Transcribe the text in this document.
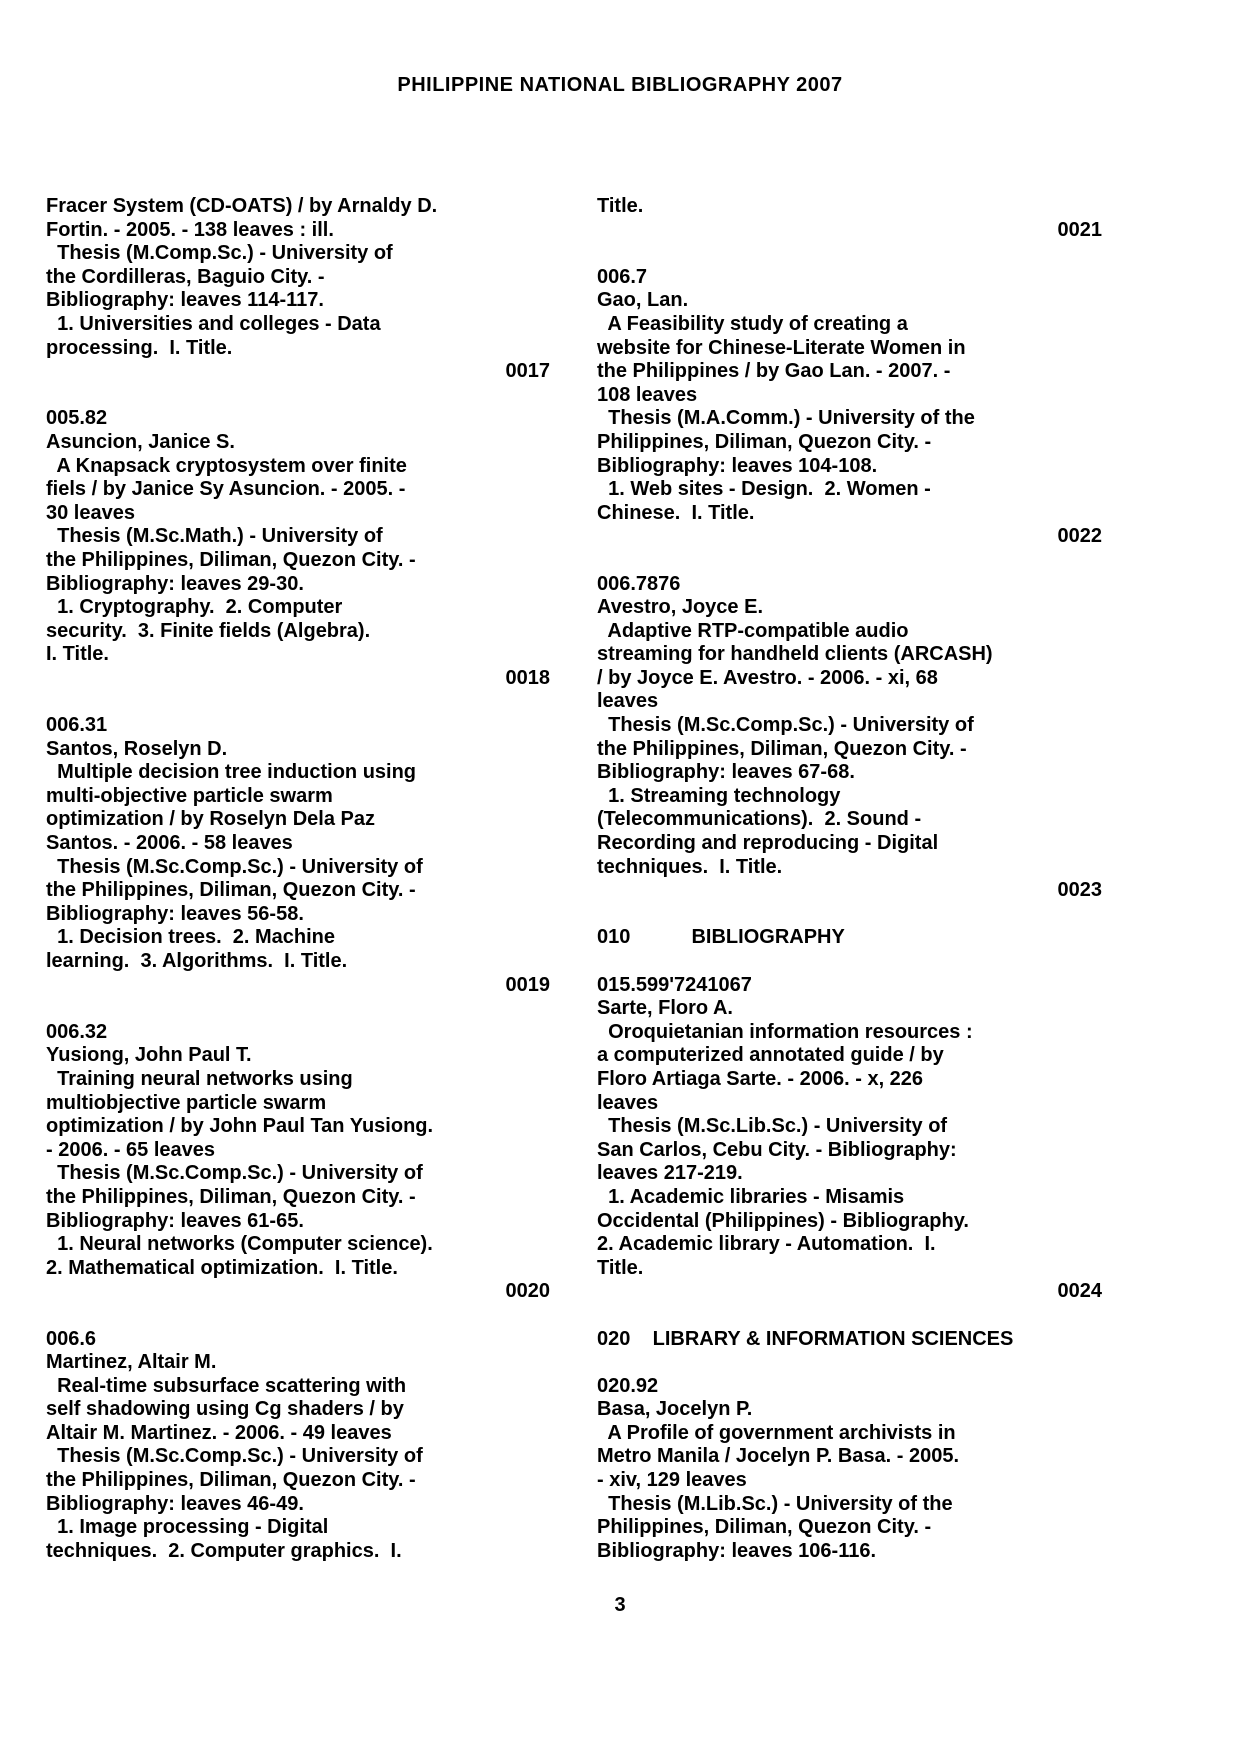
PHILIPPINE NATIONAL BIBLIOGRAPHY 2007
Fracer System (CD-OATS) / by Arnaldy D.
Fortin. - 2005. - 138 leaves : ill.
Thesis (M.Comp.Sc.) - University of
the Cordilleras, Baguio City. -
Bibliography: leaves 114-117.
1. Universities and colleges - Data
processing.  I. Title.
0017
005.82
Asuncion, Janice S.
A Knapsack cryptosystem over finite
fiels / by Janice Sy Asuncion. - 2005. -
30 leaves
Thesis (M.Sc.Math.) - University of
the Philippines, Diliman, Quezon City. -
Bibliography: leaves 29-30.
1. Cryptography.  2. Computer
security.  3. Finite fields (Algebra).
I. Title.
0018
006.31
Santos, Roselyn D.
Multiple decision tree induction using
multi-objective particle swarm
optimization / by Roselyn Dela Paz
Santos. - 2006. - 58 leaves
Thesis (M.Sc.Comp.Sc.) - University of
the Philippines, Diliman, Quezon City. -
Bibliography: leaves 56-58.
1. Decision trees.  2. Machine
learning.  3. Algorithms.  I. Title.
0019
006.32
Yusiong, John Paul T.
Training neural networks using
multiobjective particle swarm
optimization / by John Paul Tan Yusiong.
- 2006. - 65 leaves
Thesis (M.Sc.Comp.Sc.) - University of
the Philippines, Diliman, Quezon City. -
Bibliography: leaves 61-65.
1. Neural networks (Computer science).
2. Mathematical optimization.  I. Title.
0020
006.6
Martinez, Altair M.
Real-time subsurface scattering with
self shadowing using Cg shaders / by
Altair M. Martinez. - 2006. - 49 leaves
Thesis (M.Sc.Comp.Sc.) - University of
the Philippines, Diliman, Quezon City. -
Bibliography: leaves 46-49.
1. Image processing - Digital
techniques.  2. Computer graphics.  I.
Title.
0021
006.7
Gao, Lan.
A Feasibility study of creating a
website for Chinese-Literate Women in
the Philippines / by Gao Lan. - 2007. -
108 leaves
Thesis (M.A.Comm.) - University of the
Philippines, Diliman, Quezon City. -
Bibliography: leaves 104-108.
1. Web sites - Design.  2. Women -
Chinese.  I. Title.
0022
006.7876
Avestro, Joyce E.
Adaptive RTP-compatible audio
streaming for handheld clients (ARCASH)
/ by Joyce E. Avestro. - 2006. - xi, 68
leaves
Thesis (M.Sc.Comp.Sc.) - University of
the Philippines, Diliman, Quezon City. -
Bibliography: leaves 67-68.
1. Streaming technology
(Telecommunications).  2. Sound -
Recording and reproducing - Digital
techniques.  I. Title.
0023
010           BIBLIOGRAPHY
015.599'7241067
Sarte, Floro A.
Oroquietanian information resources :
a computerized annotated guide / by
Floro Artiaga Sarte. - 2006. - x, 226
leaves
Thesis (M.Sc.Lib.Sc.) - University of
San Carlos, Cebu City. - Bibliography:
leaves 217-219.
1. Academic libraries - Misamis
Occidental (Philippines) - Bibliography.
2. Academic library - Automation.  I.
Title.
0024
020    LIBRARY & INFORMATION SCIENCES
020.92
Basa, Jocelyn P.
A Profile of government archivists in
Metro Manila / Jocelyn P. Basa. - 2005.
- xiv, 129 leaves
Thesis (M.Lib.Sc.) - University of the
Philippines, Diliman, Quezon City. -
Bibliography: leaves 106-116.
3
